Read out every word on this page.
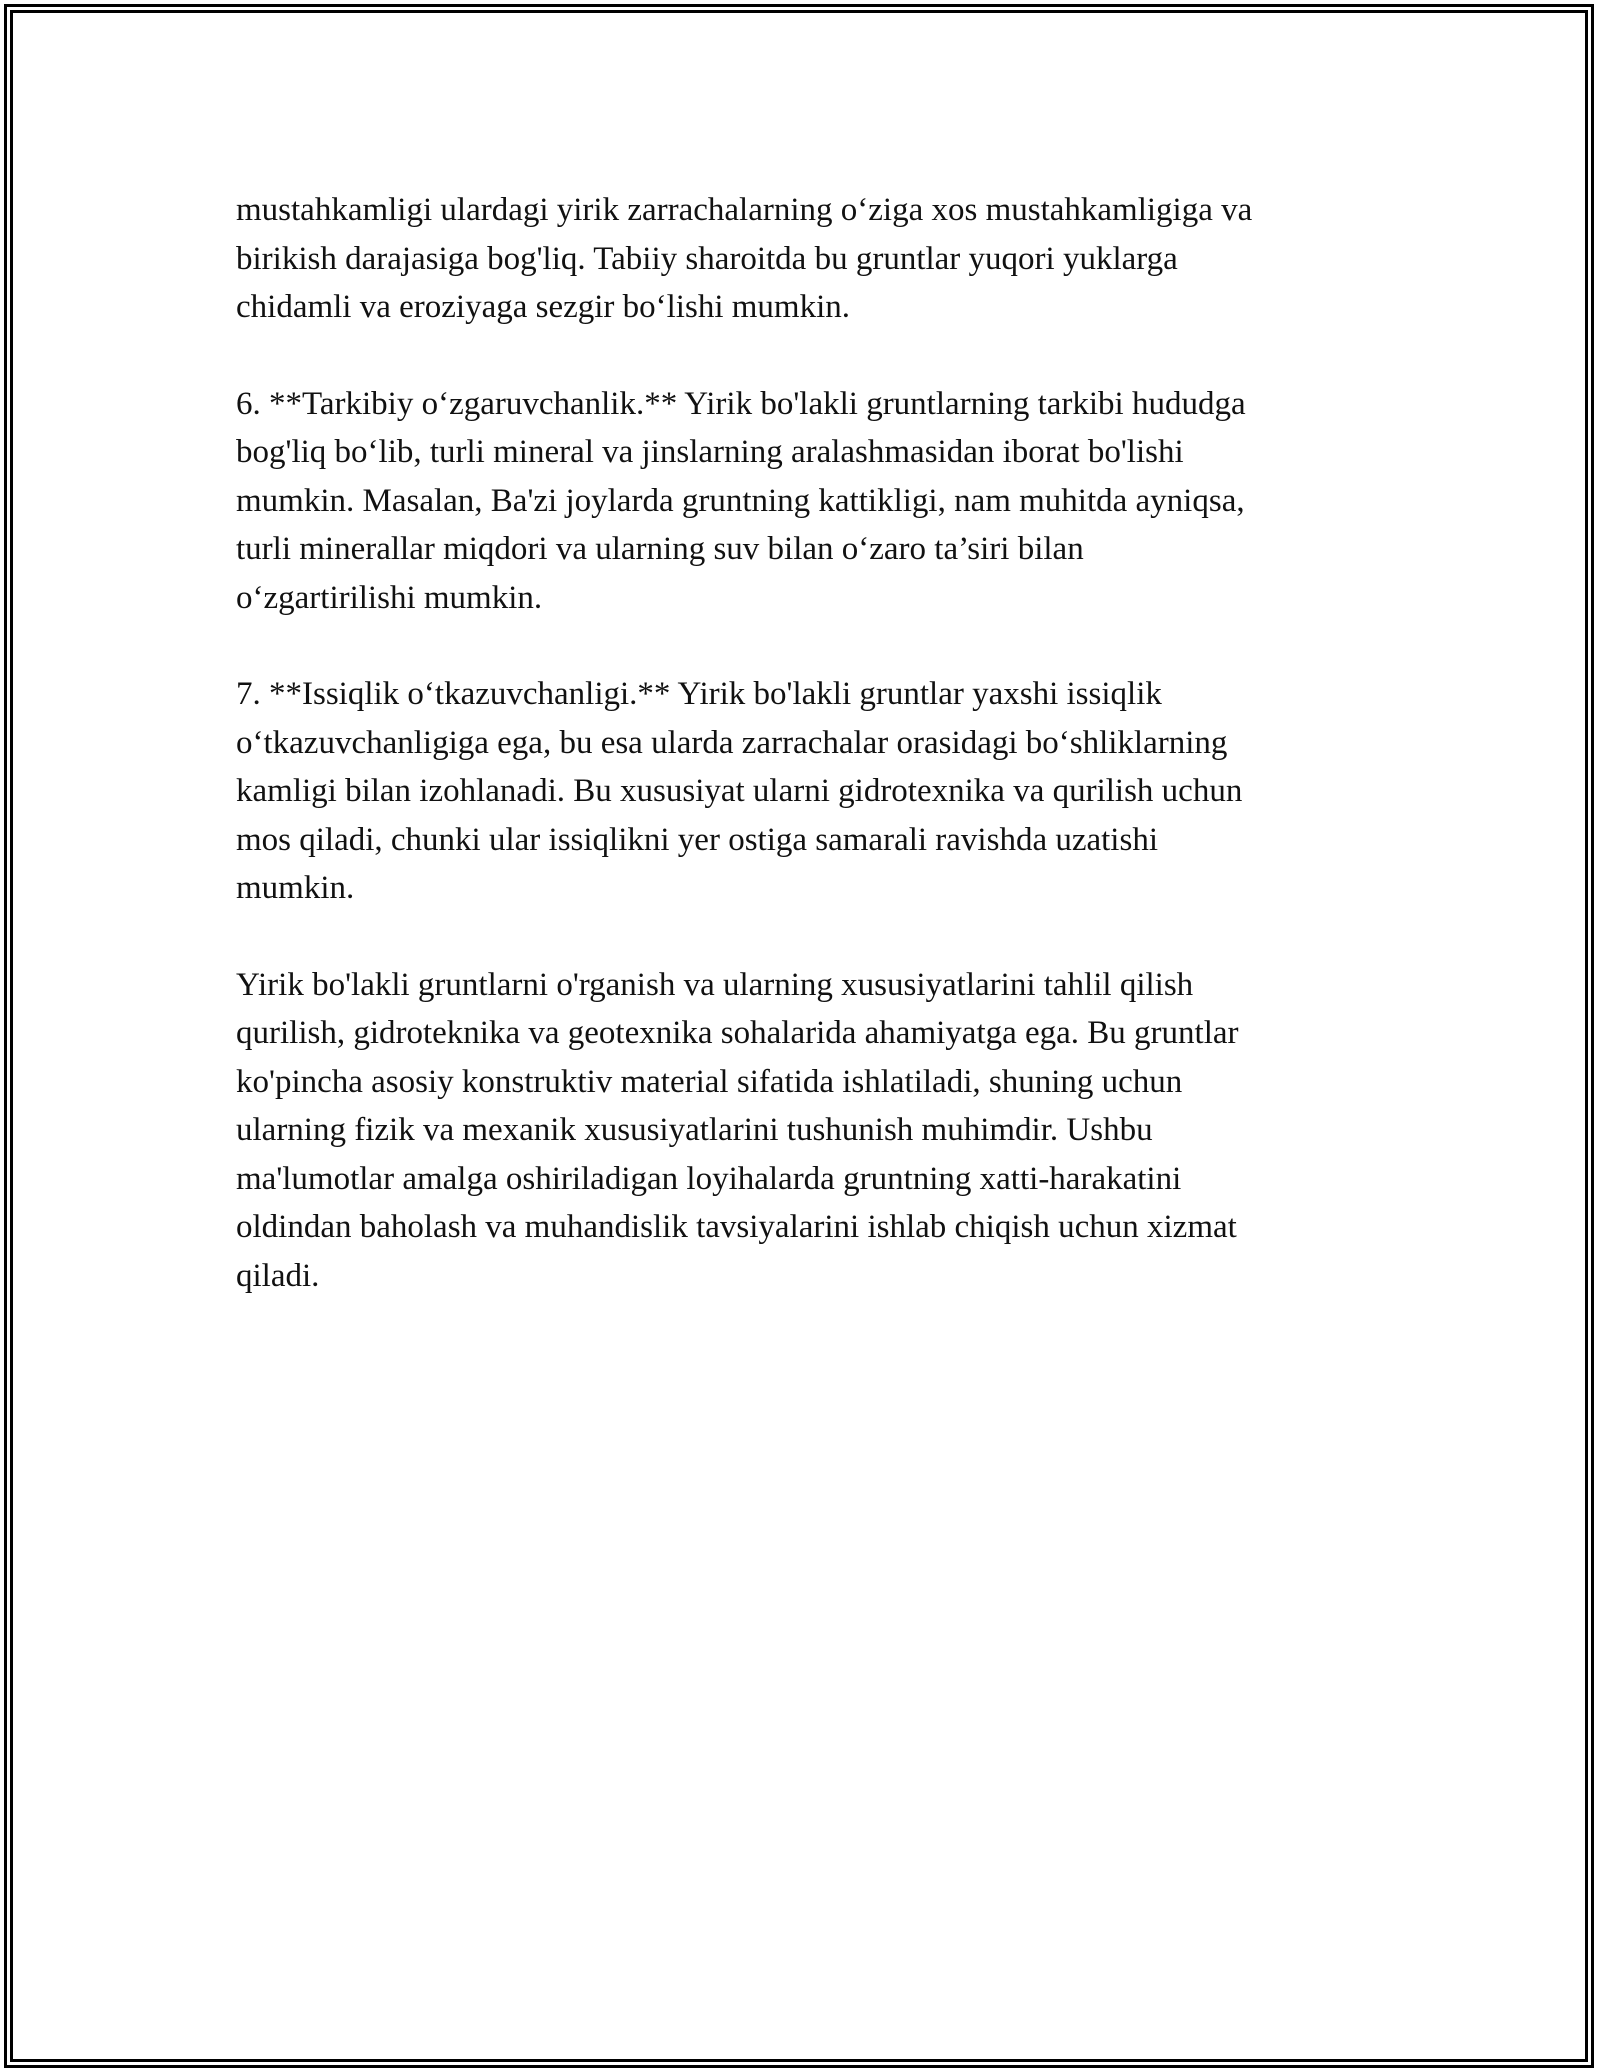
mustahkamligi ulardagi yirik zarrachalarning o‘ziga xos mustahkamligiga va
birikish darajasiga bog'liq. Tabiiy sharoitda bu gruntlar yuqori yuklarga
chidamli va eroziyaga sezgir bo‘lishi mumkin.

6. **Tarkibiy o‘zgaruvchanlik.** Yirik bo'lakli gruntlarning tarkibi hududga
bog'liq bo‘lib, turli mineral va jinslarning aralashmasidan iborat bo'lishi
mumkin. Masalan, Ba'zi joylarda gruntning kattikligi, nam muhitda ayniqsa,
turli minerallar miqdori va ularning suv bilan o‘zaro ta’siri bilan
o‘zgartirilishi mumkin.

7. **Issiqlik o‘tkazuvchanligi.** Yirik bo'lakli gruntlar yaxshi issiqlik
o‘tkazuvchanligiga ega, bu esa ularda zarrachalar orasidagi bo‘shliklarning
kamligi bilan izohlanadi. Bu xususiyat ularni gidrotexnika va qurilish uchun
mos qiladi, chunki ular issiqlikni yer ostiga samarali ravishda uzatishi
mumkin.

Yirik bo'lakli gruntlarni o'rganish va ularning xususiyatlarini tahlil qilish
qurilish, gidroteknika va geotexnika sohalarida ahamiyatga ega. Bu gruntlar
ko'pincha asosiy konstruktiv material sifatida ishlatiladi, shuning uchun
ularning fizik va mexanik xususiyatlarini tushunish muhimdir. Ushbu
ma'lumotlar amalga oshiriladigan loyihalarda gruntning xatti-harakatini
oldindan baholash va muhandislik tavsiyalarini ishlab chiqish uchun xizmat
qiladi.
